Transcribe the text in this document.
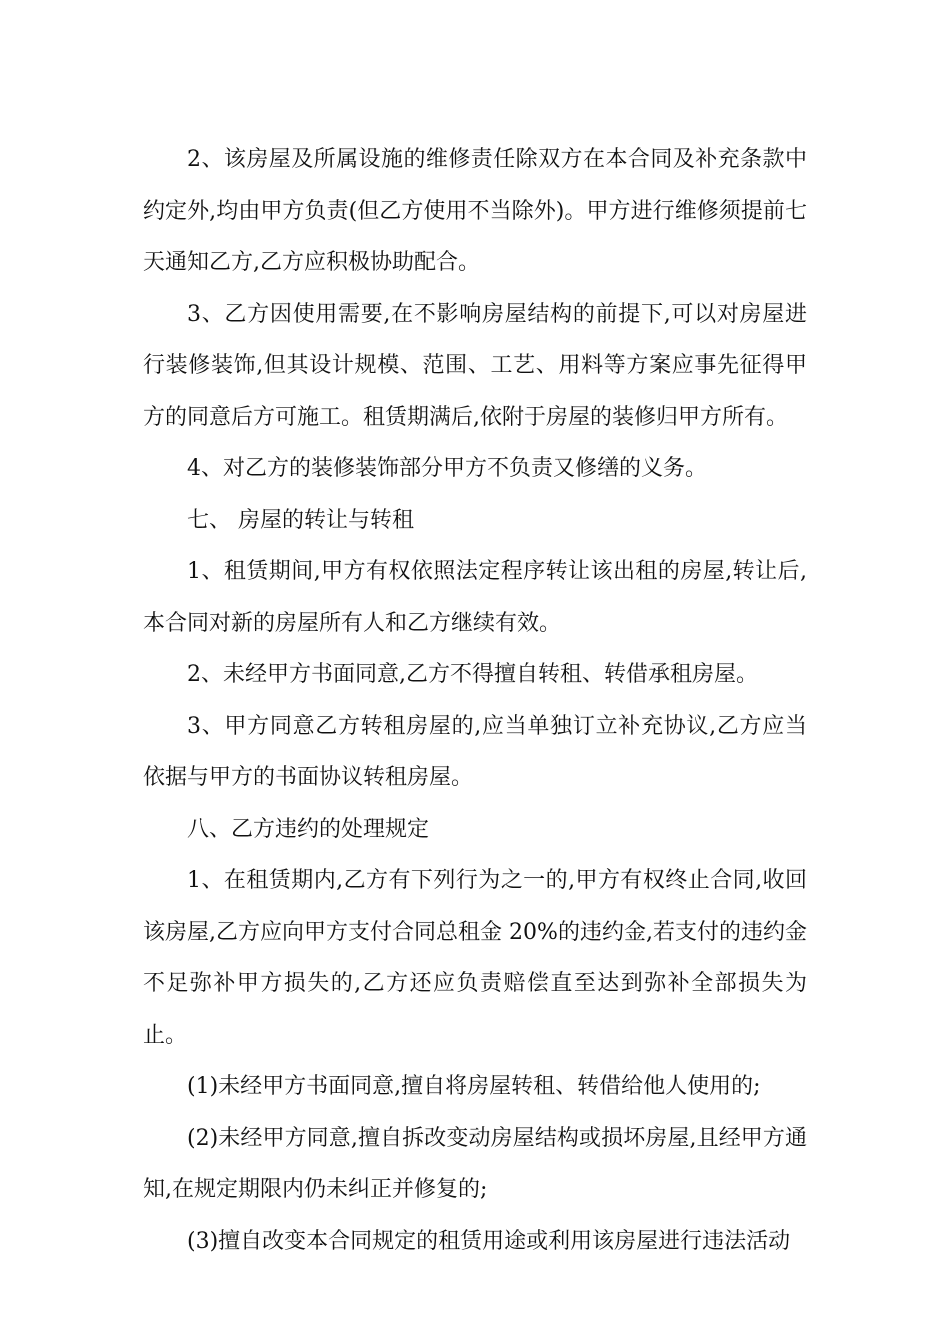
2、该房屋及所属设施的维修责任除双方在本合同及补充条款中约定外,均由甲方负责(但乙方使用不当除外)。甲方进行维修须提前七天通知乙方,乙方应积极协助配合。

3、乙方因使用需要,在不影响房屋结构的前提下,可以对房屋进行装修装饰,但其设计规模、范围、工艺、用料等方案应事先征得甲方的同意后方可施工。租赁期满后,依附于房屋的装修归甲方所有。

4、对乙方的装修装饰部分甲方不负责又修缮的义务。

七、 房屋的转让与转租

1、租赁期间,甲方有权依照法定程序转让该出租的房屋,转让后,本合同对新的房屋所有人和乙方继续有效。

2、未经甲方书面同意,乙方不得擅自转租、转借承租房屋。

3、甲方同意乙方转租房屋的,应当单独订立补充协议,乙方应当依据与甲方的书面协议转租房屋。

八、乙方违约的处理规定

1、在租赁期内,乙方有下列行为之一的,甲方有权终止合同,收回该房屋,乙方应向甲方支付合同总租金 20%的违约金,若支付的违约金不足弥补甲方损失的,乙方还应负责赔偿直至达到弥补全部损失为止。

(1)未经甲方书面同意,擅自将房屋转租、转借给他人使用的;

(2)未经甲方同意,擅自拆改变动房屋结构或损坏房屋,且经甲方通知,在规定期限内仍未纠正并修复的;

(3)擅自改变本合同规定的租赁用途或利用该房屋进行违法活动
